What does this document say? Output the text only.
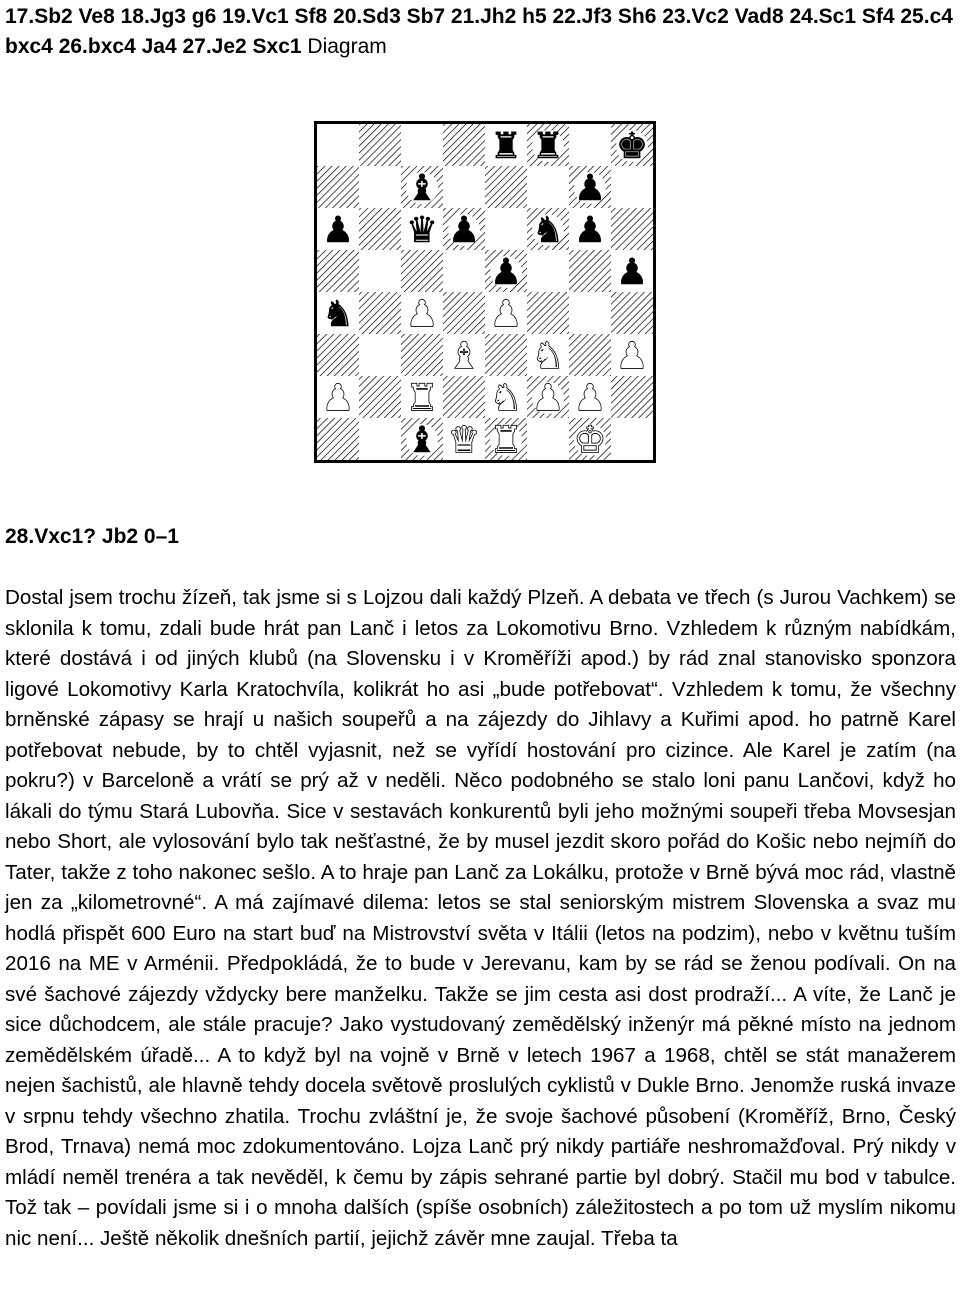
17.Sb2 Ve8 18.Jg3 g6 19.Vc1 Sf8 20.Sd3 Sb7 21.Jh2 h5 22.Jf3 Sh6 23.Vc2 Vad8 24.Sc1 Sf4 25.c4 bxc4 26.bxc4 Ja4 27.Je2 Sxc1 Diagram
♜ ♜ ♚
♝	♟
♟ ♛ ♟ ♞ ♟
♟	♟
♞ ♟ ♟
♝ ♞ ♟
♟ ♜ ♞ ♟ ♟
♝ ♛ ♜ ♚
28.Vxc1? Jb2 0–1

Dostal jsem trochu žízeň, tak jsme si s Lojzou dali každý Plzeň. A debata ve třech (s Jurou Vachkem) se sklonila k tomu, zdali bude hrát pan Lanč i letos za Lokomotivu Brno. Vzhledem k různým nabídkám, které dostává i od jiných klubů (na Slovensku i v Kroměříži apod.) by rád znal stanovisko sponzora ligové Lokomotivy Karla Kratochvíla, kolikrát ho asi „bude potřebovat“. Vzhledem k tomu, že všechny brněnské zápasy se hrají u našich soupeřů a na zájezdy do Jihlavy a Kuřimi apod. ho patrně Karel potřebovat nebude, by to chtěl vyjasnit, než se vyřídí hostování pro cizince. Ale Karel je zatím (na pokru?) v Barceloně a vrátí se prý až v neděli. Něco podobného se stalo loni panu Lančovi, když ho lákali do týmu Stará Lubovňa. Sice v sestavách konkurentů byli jeho možnými soupeři třeba Movsesjan nebo Short, ale vylosování bylo tak nešťastné, že by musel jezdit skoro pořád do Košic nebo nejmíň do Tater, takže z toho nakonec sešlo. A to hraje pan Lanč za Lokálku, protože v Brně bývá moc rád, vlastně jen za „kilometrovné“. A má zajímavé dilema: letos se stal seniorským mistrem Slovenska a svaz mu hodlá přispět 600 Euro na start buď na Mistrovství světa v Itálii (letos na podzim), nebo v květnu tuším 2016 na ME v Arménii. Předpokládá, že to bude v Jerevanu, kam by se rád se ženou podívali. On na své šachové zájezdy vždycky bere manželku. Takže se jim cesta asi dost prodraží... A víte, že Lanč je sice důchodcem, ale stále pracuje? Jako vystudovaný zemědělský inženýr má pěkné místo na jednom zemědělském úřadě... A to když byl na vojně v Brně v letech 1967 a 1968, chtěl se stát manažerem nejen šachistů, ale hlavně tehdy docela světově proslulých cyklistů v Dukle Brno. Jenomže ruská invaze v srpnu tehdy všechno zhatila. Trochu zvláštní je, že svoje šachové působení (Kroměříž, Brno, Český Brod, Trnava) nemá moc zdokumentováno. Lojza Lanč prý nikdy partiáře neshromažďoval. Prý nikdy v mládí neměl trenéra a tak nevěděl, k čemu by zápis sehrané partie byl dobrý. Stačil mu bod v tabulce. Tož tak – povídali jsme si i o mnoha dalších (spíše osobních) záležitostech a po tom už myslím nikomu nic není... Ještě několik dnešních partií, jejichž závěr mne zaujal. Třeba ta
